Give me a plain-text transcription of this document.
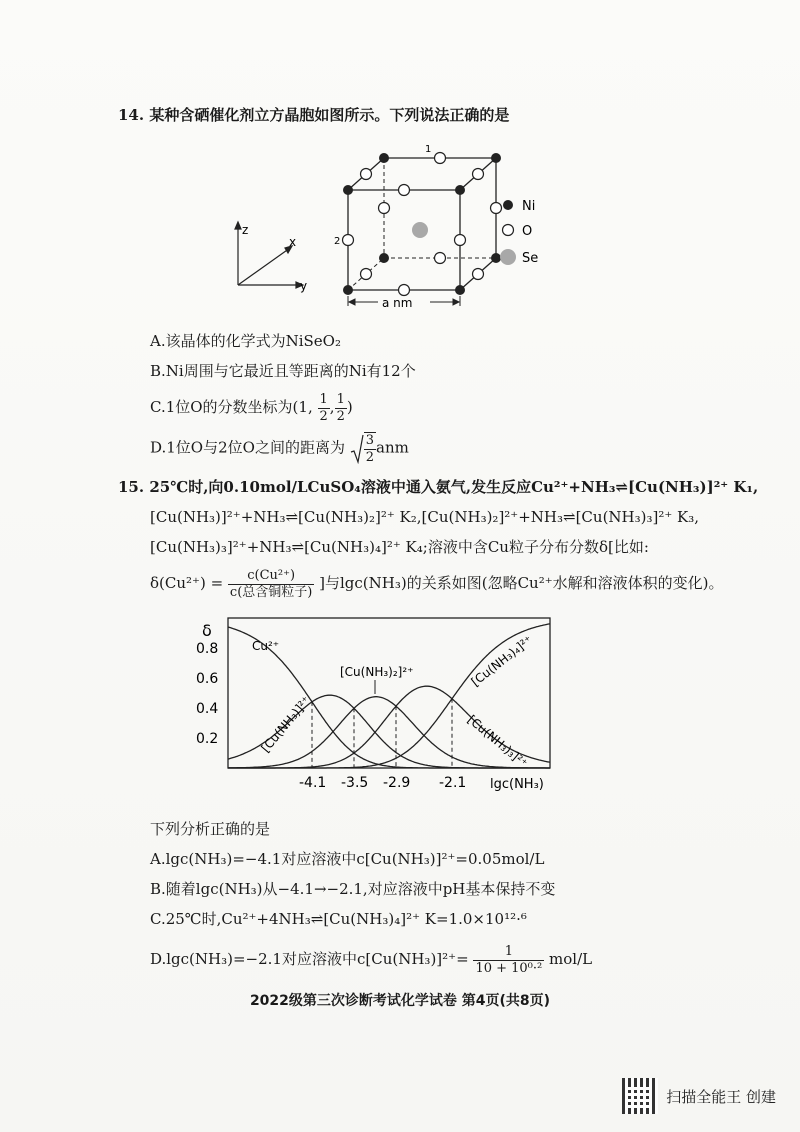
14. 某种含硒催化剂立方晶胞如图所示。下列说法正确的是
z
x
y
1
2
a nm
Ni
O
Se
A.该晶体的化学式为NiSeO₂
B.Ni周围与它最近且等距离的Ni有12个
C.1位O的分数坐标为(1, $\frac{1}{2}$ , $\frac{1}{2}$ )
D.1位O与2位O之间的距离为 $\frac{3}{2}$ anm
15. 25℃时,向0.10mol/LCuSO₄溶液中通入氨气,发生反应Cu²⁺+NH₃⇌[Cu(NH₃)]²⁺ K₁,
[Cu(NH₃)]²⁺+NH₃⇌[Cu(NH₃)₂]²⁺ K₂,[Cu(NH₃)₂]²⁺+NH₃⇌[Cu(NH₃)₃]²⁺ K₃,
[Cu(NH₃)₃]²⁺+NH₃⇌[Cu(NH₃)₄]²⁺ K₄;溶液中含Cu粒子分布分数δ[比如:
$\delta(Cu^{2+}) = \frac{\text{c(Cu²⁺)}}{\text{c(总含铜粒子)}}$ ]与lgc(NH₃)的关系如图(忽略Cu²⁺水解和溶液体积的变化)。
0.8
0.6
0.4
0.2
-4.1 -3.5 -2.9 -2.1
δ
lgc(NH₃)
Cu²⁺
[Cu(NH₃)]²⁺
[Cu(NH₃)₂]²⁺
[Cu(NH₃)₃]²⁺
[Cu(NH₃)₄]²⁺
下列分析正确的是
A.lgc(NH₃)=−4.1对应溶液中c[Cu(NH₃)]²⁺=0.05mol/L
B.随着lgc(NH₃)从−4.1→−2.1,对应溶液中pH基本保持不变
C.25℃时,Cu²⁺+4NH₃⇌[Cu(NH₃)₄]²⁺ K=1.0×10¹²·⁶
D.lgc(NH₃)=−2.1对应溶液中$c[Cu(NH_3)]^{2+}= \frac{1}{\text{10 + 10⁰·²}} mol/L$
2022级第三次诊断考试化学试卷 第4页(共8页)
扫描全能王 创建
